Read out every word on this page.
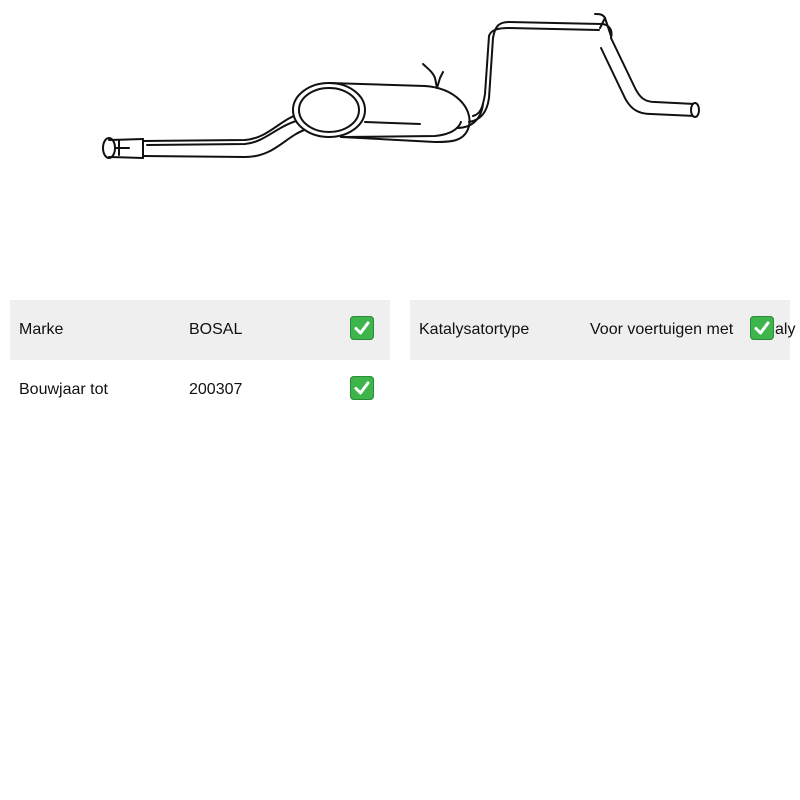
Marke	BOSAL
Bouwjaar tot	200307
Katalysatortype	Voor voertuigen met	aly
